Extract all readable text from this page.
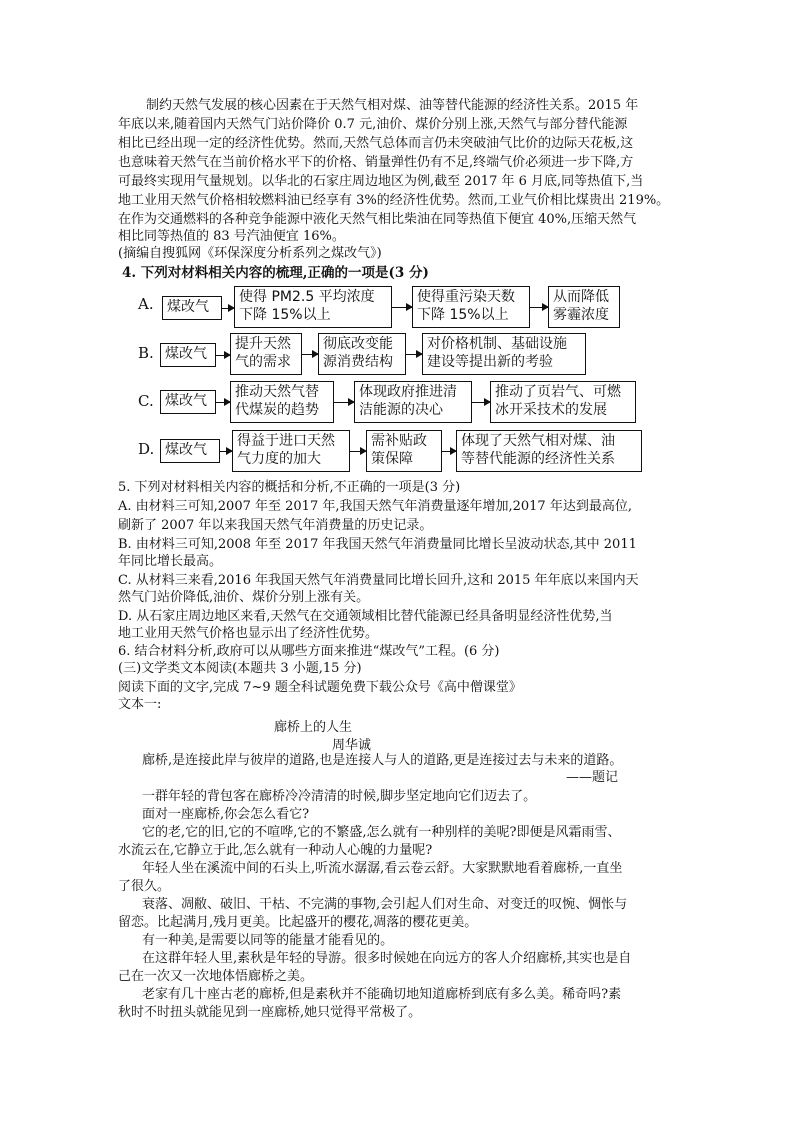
制约天然气发展的核心因素在于天然气相对煤、油等替代能源的经济性关系。2015 年
年底以来,随着国内天然气门站价降价 0.7 元,油价、煤价分别上涨,天然气与部分替代能源
相比已经出现一定的经济性优势。然而,天然气总体而言仍未突破油气比价的边际天花板,这
也意味着天然气在当前价格水平下的价格、销量弹性仍有不足,终端气价必须进一步下降,方
可最终实现用气量规划。以华北的石家庄周边地区为例,截至 2017 年 6 月底,同等热值下,当
地工业用天然气价格相较燃料油已经享有 3%的经济性优势。然而,工业气价相比煤贵出 219%。
在作为交通燃料的各种竞争能源中液化天然气相比柴油在同等热值下便宜 40%,压缩天然气
相比同等热值的 83 号汽油便宜 16%。
(摘编自搜狐网《环保深度分析系列之煤改气》)
4. 下列对材料相关内容的梳理,正确的一项是(3 分)
A. 煤改气
使得 PM2.5 平均浓度
下降 15%以上
使得重污染天数
下降 15%以上
从而降低
雾霾浓度
B. 煤改气
提升天然
气的需求
彻底改变能
源消费结构
对价格机制、基础设施
建设等提出新的考验
C. 煤改气
推动天然气替
代煤炭的趋势
体现政府推进清
洁能源的决心
推动了页岩气、可燃
冰开采技术的发展
D. 煤改气
得益于进口天然
气力度的加大
需补贴政
策保障
体现了天然气相对煤、油
等替代能源的经济性关系
5. 下列对材料相关内容的概括和分析,不正确的一项是(3 分)
A. 由材料三可知,2007 年至 2017 年,我国天然气年消费量逐年增加,2017 年达到最高位,
刷新了 2007 年以来我国天然气年消费量的历史记录。
B. 由材料三可知,2008 年至 2017 年我国天然气年消费量同比增长呈波动状态,其中 2011
年同比增长最高。
C. 从材料三来看,2016 年我国天然气年消费量同比增长回升,这和 2015 年年底以来国内天
然气门站价降低,油价、煤价分别上涨有关。
D. 从石家庄周边地区来看,天然气在交通领域相比替代能源已经具备明显经济性优势,当
地工业用天然气价格也显示出了经济性优势。
6. 结合材料分析,政府可以从哪些方面来推进“煤改气”工程。(6 分)
(三)文学类文本阅读(本题共 3 小题,15 分)
阅读下面的文字,完成 7~9 题全科试题免费下载公众号《高中僧课堂》
文本一:
廊桥上的人生
周华诚
廊桥,是连接此岸与彼岸的道路,也是连接人与人的道路,更是连接过去与未来的道路。
——题记
一群年轻的背包客在廊桥冷冷清清的时候,脚步坚定地向它们迈去了。
面对一座廊桥,你会怎么看它?
它的老,它的旧,它的不喧哗,它的不繁盛,怎么就有一种别样的美呢?即便是风霜雨雪、
水流云在,它静立于此,怎么就有一种动人心魄的力量呢?
年轻人坐在溪流中间的石头上,听流水潺潺,看云卷云舒。大家默默地看着廊桥,一直坐
了很久。
衰落、凋敝、破旧、干枯、不完满的事物,会引起人们对生命、对变迁的叹惋、惆怅与
留恋。比起满月,残月更美。比起盛开的樱花,凋落的樱花更美。
有一种美,是需要以同等的能量才能看见的。
在这群年轻人里,素秋是年轻的导游。很多时候她在向远方的客人介绍廊桥,其实也是自
己在一次又一次地体悟廊桥之美。
老家有几十座古老的廊桥,但是素秋并不能确切地知道廊桥到底有多么美。稀奇吗?素
秋时不时扭头就能见到一座廊桥,她只觉得平常极了。
